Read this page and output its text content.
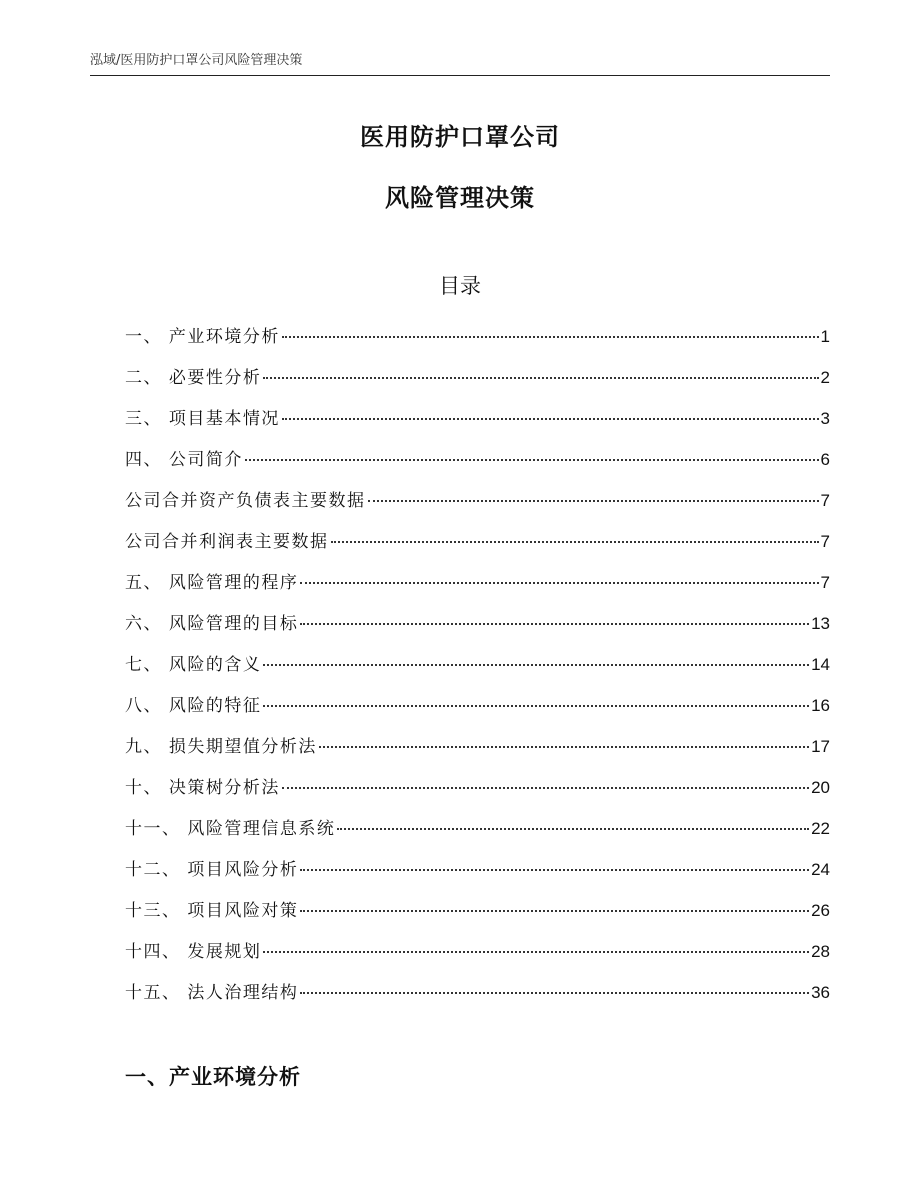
泓域/医用防护口罩公司风险管理决策
医用防护口罩公司
风险管理决策
目录
一、 产业环境分析	1
二、 必要性分析	2
三、 项目基本情况	3
四、 公司简介	6
公司合并资产负债表主要数据	7
公司合并利润表主要数据	7
五、 风险管理的程序	7
六、 风险管理的目标	13
七、 风险的含义	14
八、 风险的特征	16
九、 损失期望值分析法	17
十、 决策树分析法	20
十一、 风险管理信息系统	22
十二、 项目风险分析	24
十三、 项目风险对策	26
十四、 发展规划	28
十五、 法人治理结构	36
一、产业环境分析
